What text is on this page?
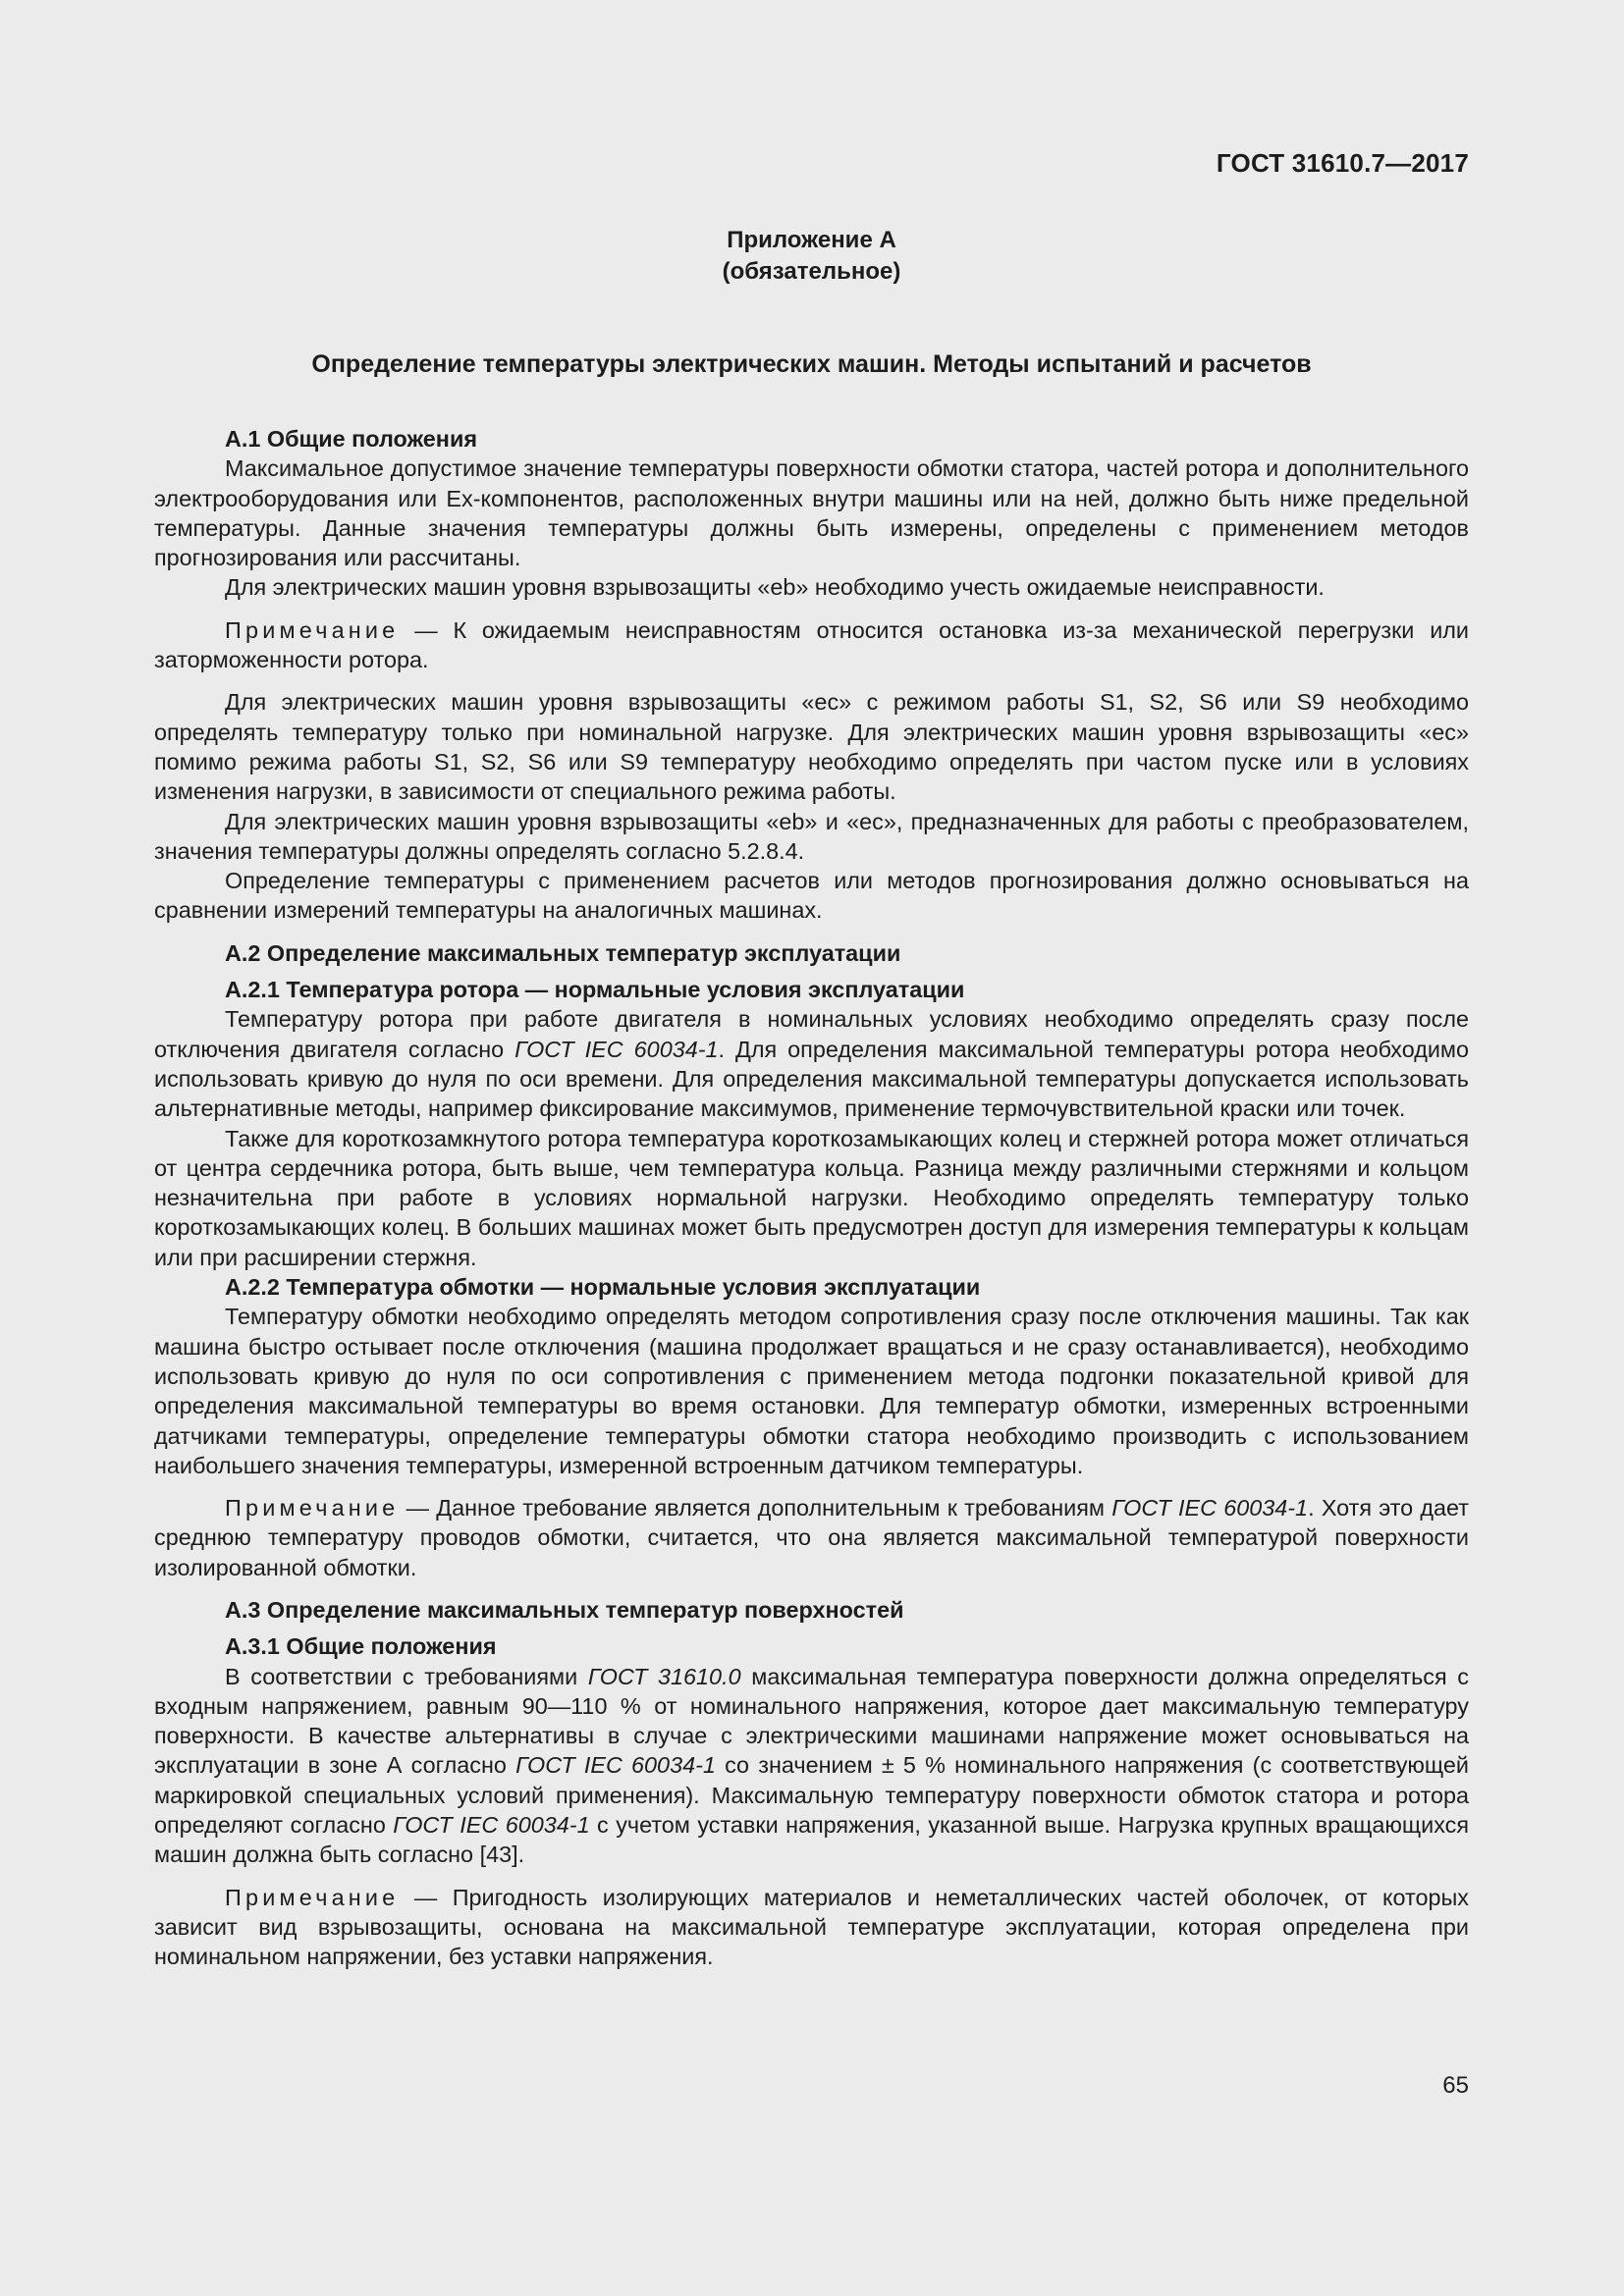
ГОСТ 31610.7—2017
Приложение А
(обязательное)
Определение температуры электрических машин. Методы испытаний и расчетов
А.1 Общие положения

Максимальное допустимое значение температуры поверхности обмотки статора, частей ротора и дополнительного электрооборудования или Ex-компонентов, расположенных внутри машины или на ней, должно быть ниже предельной температуры. Данные значения температуры должны быть измерены, определены с применением методов прогнозирования или рассчитаны.

Для электрических машин уровня взрывозащиты «eb» необходимо учесть ожидаемые неисправности.

Примечание — К ожидаемым неисправностям относится остановка из-за механической перегрузки или заторможенности ротора.

Для электрических машин уровня взрывозащиты «ec» с режимом работы S1, S2, S6 или S9 необходимо определять температуру только при номинальной нагрузке. Для электрических машин уровня взрывозащиты «ec» помимо режима работы S1, S2, S6 или S9 температуру необходимо определять при частом пуске или в условиях изменения нагрузки, в зависимости от специального режима работы.

Для электрических машин уровня взрывозащиты «eb» и «ec», предназначенных для работы с преобразователем, значения температуры должны определять согласно 5.2.8.4.

Определение температуры с применением расчетов или методов прогнозирования должно основываться на сравнении измерений температуры на аналогичных машинах.

А.2 Определение максимальных температур эксплуатации
А.2.1 Температура ротора — нормальные условия эксплуатации

Температуру ротора при работе двигателя в номинальных условиях необходимо определять сразу после отключения двигателя согласно ГОСТ IEC 60034-1. Для определения максимальной температуры ротора необходимо использовать кривую до нуля по оси времени. Для определения максимальной температуры допускается использовать альтернативные методы, например фиксирование максимумов, применение термочувствительной краски или точек.

Также для короткозамкнутого ротора температура короткозамыкающих колец и стержней ротора может отличаться от центра сердечника ротора, быть выше, чем температура кольца. Разница между различными стержнями и кольцом незначительна при работе в условиях нормальной нагрузки. Необходимо определять температуру только короткозамыкающих колец. В больших машинах может быть предусмотрен доступ для измерения температуры к кольцам или при расширении стержня.

А.2.2 Температура обмотки — нормальные условия эксплуатации

Температуру обмотки необходимо определять методом сопротивления сразу после отключения машины. Так как машина быстро остывает после отключения (машина продолжает вращаться и не сразу останавливается), необходимо использовать кривую до нуля по оси сопротивления с применением метода подгонки показательной кривой для определения максимальной температуры во время остановки. Для температур обмотки, измеренных встроенными датчиками температуры, определение температуры обмотки статора необходимо производить с использованием наибольшего значения температуры, измеренной встроенным датчиком температуры.

Примечание — Данное требование является дополнительным к требованиям ГОСТ IEC 60034-1. Хотя это дает среднюю температуру проводов обмотки, считается, что она является максимальной температурой поверхности изолированной обмотки.

А.3 Определение максимальных температур поверхностей
А.3.1 Общие положения

В соответствии с требованиями ГОСТ 31610.0 максимальная температура поверхности должна определяться с входным напряжением, равным 90—110 % от номинального напряжения, которое дает максимальную температуру поверхности. В качестве альтернативы в случае с электрическими машинами напряжение может основываться на эксплуатации в зоне А согласно ГОСТ IEC 60034-1 со значением ± 5 % номинального напряжения (с соответствующей маркировкой специальных условий применения). Максимальную температуру поверхности обмоток статора и ротора определяют согласно ГОСТ IEC 60034-1 с учетом уставки напряжения, указанной выше. Нагрузка крупных вращающихся машин должна быть согласно [43].

Примечание — Пригодность изолирующих материалов и неметаллических частей оболочек, от которых зависит вид взрывозащиты, основана на максимальной температуре эксплуатации, которая определена при номинальном напряжении, без уставки напряжения.

65
